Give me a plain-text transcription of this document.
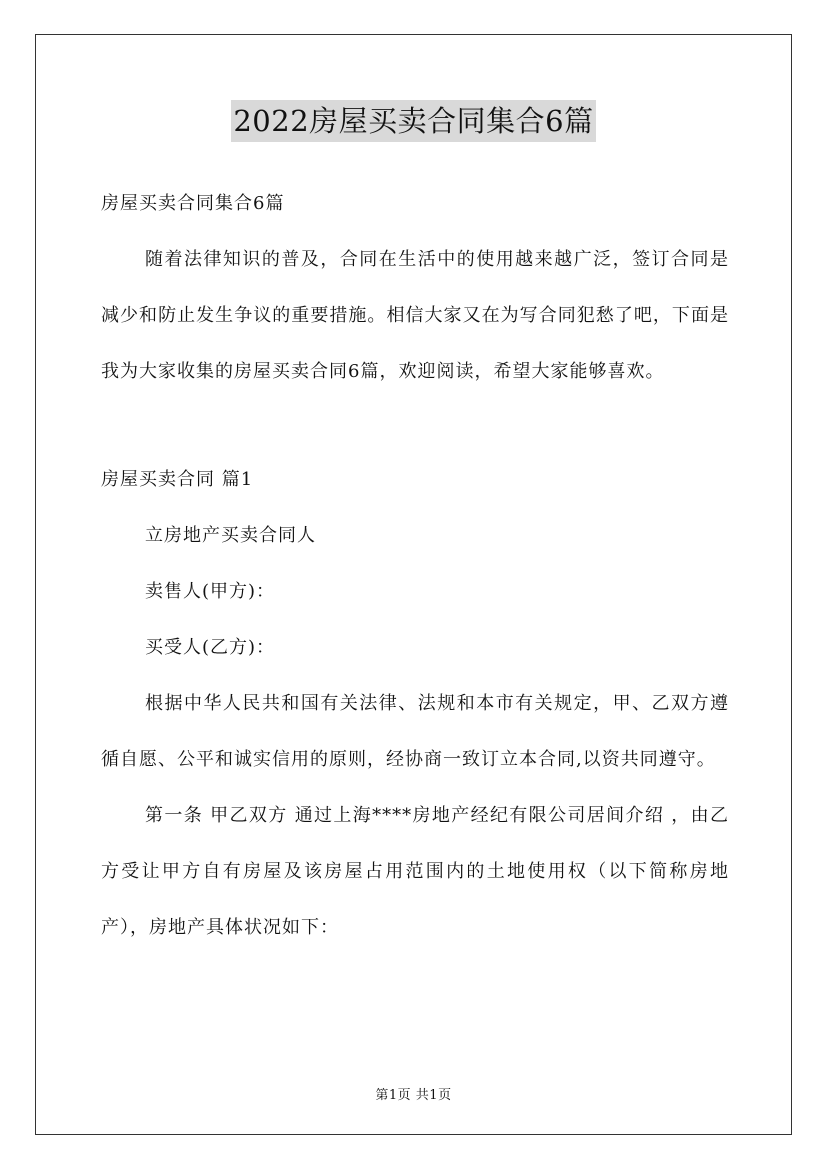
2022房屋买卖合同集合6篇

房屋买卖合同集合6篇

随着法律知识的普及，合同在生活中的使用越来越广泛，签订合同是减少和防止发生争议的重要措施。相信大家又在为写合同犯愁了吧，下面是我为大家收集的房屋买卖合同6篇，欢迎阅读，希望大家能够喜欢。

房屋买卖合同 篇1

立房地产买卖合同人

卖售人(甲方)：

买受人(乙方)：

根据中华人民共和国有关法律、法规和本市有关规定，甲、乙双方遵循自愿、公平和诚实信用的原则，经协商一致订立本合同,以资共同遵守。

第一条 甲乙双方 通过上海****房地产经纪有限公司居间介绍 ，由乙方受让甲方自有房屋及该房屋占用范围内的土地使用权（以下简称房地产），房地产具体状况如下：

第1页 共1页
